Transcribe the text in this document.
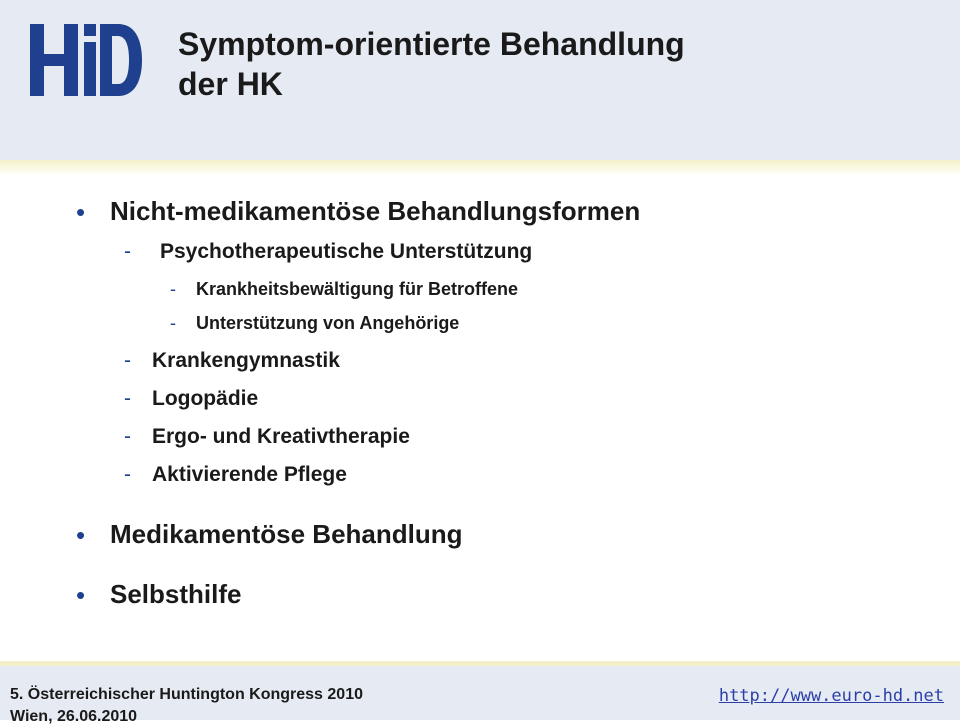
Symptom-orientierte Behandlung
der HK
• Nicht-medikamentöse Behandlungsformen
- Psychotherapeutische Unterstützung
- Krankheitsbewältigung für Betroffene
- Unterstützung von Angehörige
- Krankengymnastik
- Logopädie
- Ergo- und Kreativtherapie
- Aktivierende Pflege
• Medikamentöse Behandlung
• Selbsthilfe
5. Österreichischer Huntington Kongress 2010
Wien, 26.06.2010
http://www.euro-hd.net
